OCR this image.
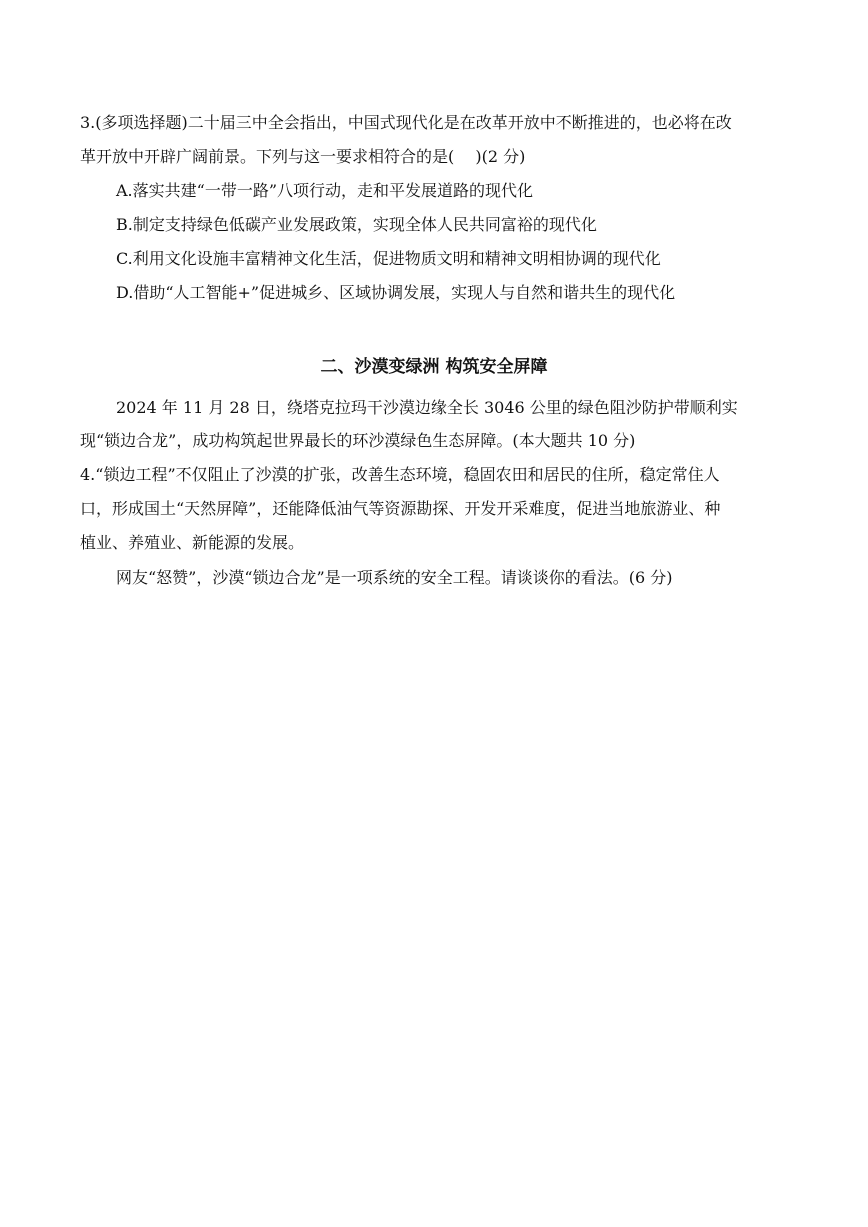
3.(多项选择题)二十届三中全会指出，中国式现代化是在改革开放中不断推进的，也必将在改
革开放中开辟广阔前景。下列与这一要求相符合的是(　 )(2 分)
A.落实共建“一带一路”八项行动，走和平发展道路的现代化
B.制定支持绿色低碳产业发展政策，实现全体人民共同富裕的现代化
C.利用文化设施丰富精神文化生活，促进物质文明和精神文明相协调的现代化
D.借助“人工智能+”促进城乡、区域协调发展，实现人与自然和谐共生的现代化
二、沙漠变绿洲 构筑安全屏障
2024 年 11 月 28 日，绕塔克拉玛干沙漠边缘全长 3046 公里的绿色阻沙防护带顺利实
现“锁边合龙”，成功构筑起世界最长的环沙漠绿色生态屏障。(本大题共 10 分)
4.“锁边工程”不仅阻止了沙漠的扩张，改善生态环境，稳固农田和居民的住所，稳定常住人
口，形成国土“天然屏障”，还能降低油气等资源勘探、开发开采难度，促进当地旅游业、种
植业、养殖业、新能源的发展。
网友“怒赞”，沙漠“锁边合龙”是一项系统的安全工程。请谈谈你的看法。(6 分)
